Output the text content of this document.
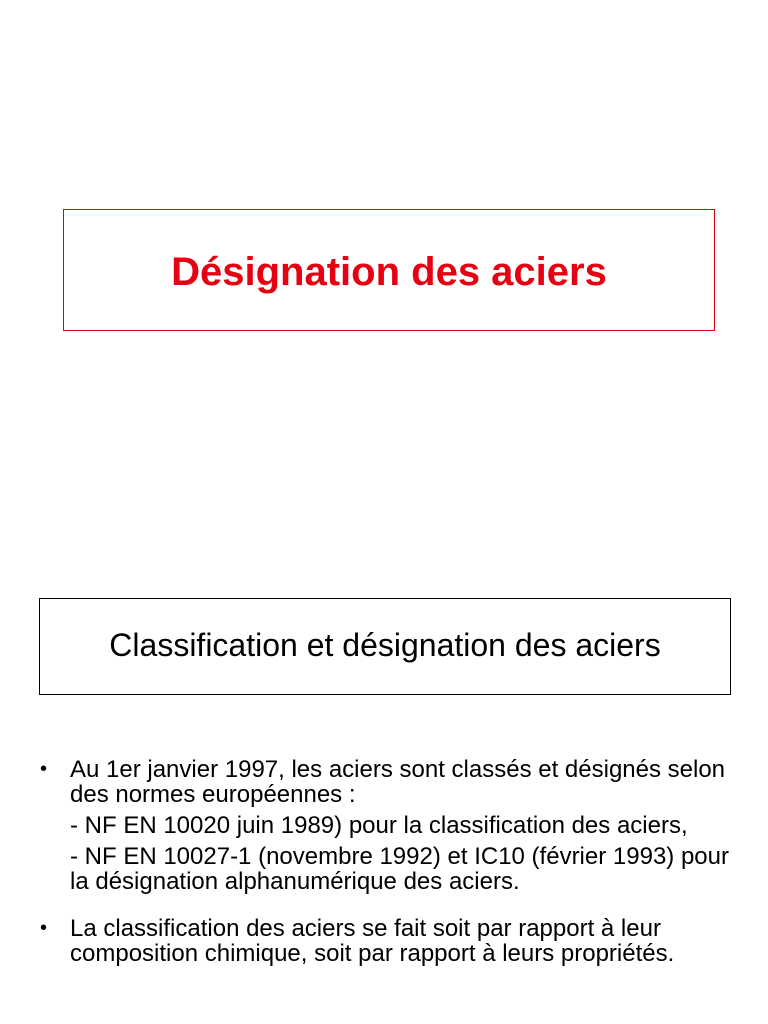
Désignation des aciers
Classification et désignation des aciers
• Au 1er janvier 1997, les aciers sont classés et désignés selon des normes européennes :

- NF EN 10020 juin 1989) pour la classification des aciers,

- NF EN 10027-1 (novembre 1992) et IC10 (février 1993) pour la désignation alphanumérique des aciers.

• La classification des aciers se fait soit par rapport à leur composition chimique, soit par rapport à leurs propriétés.
